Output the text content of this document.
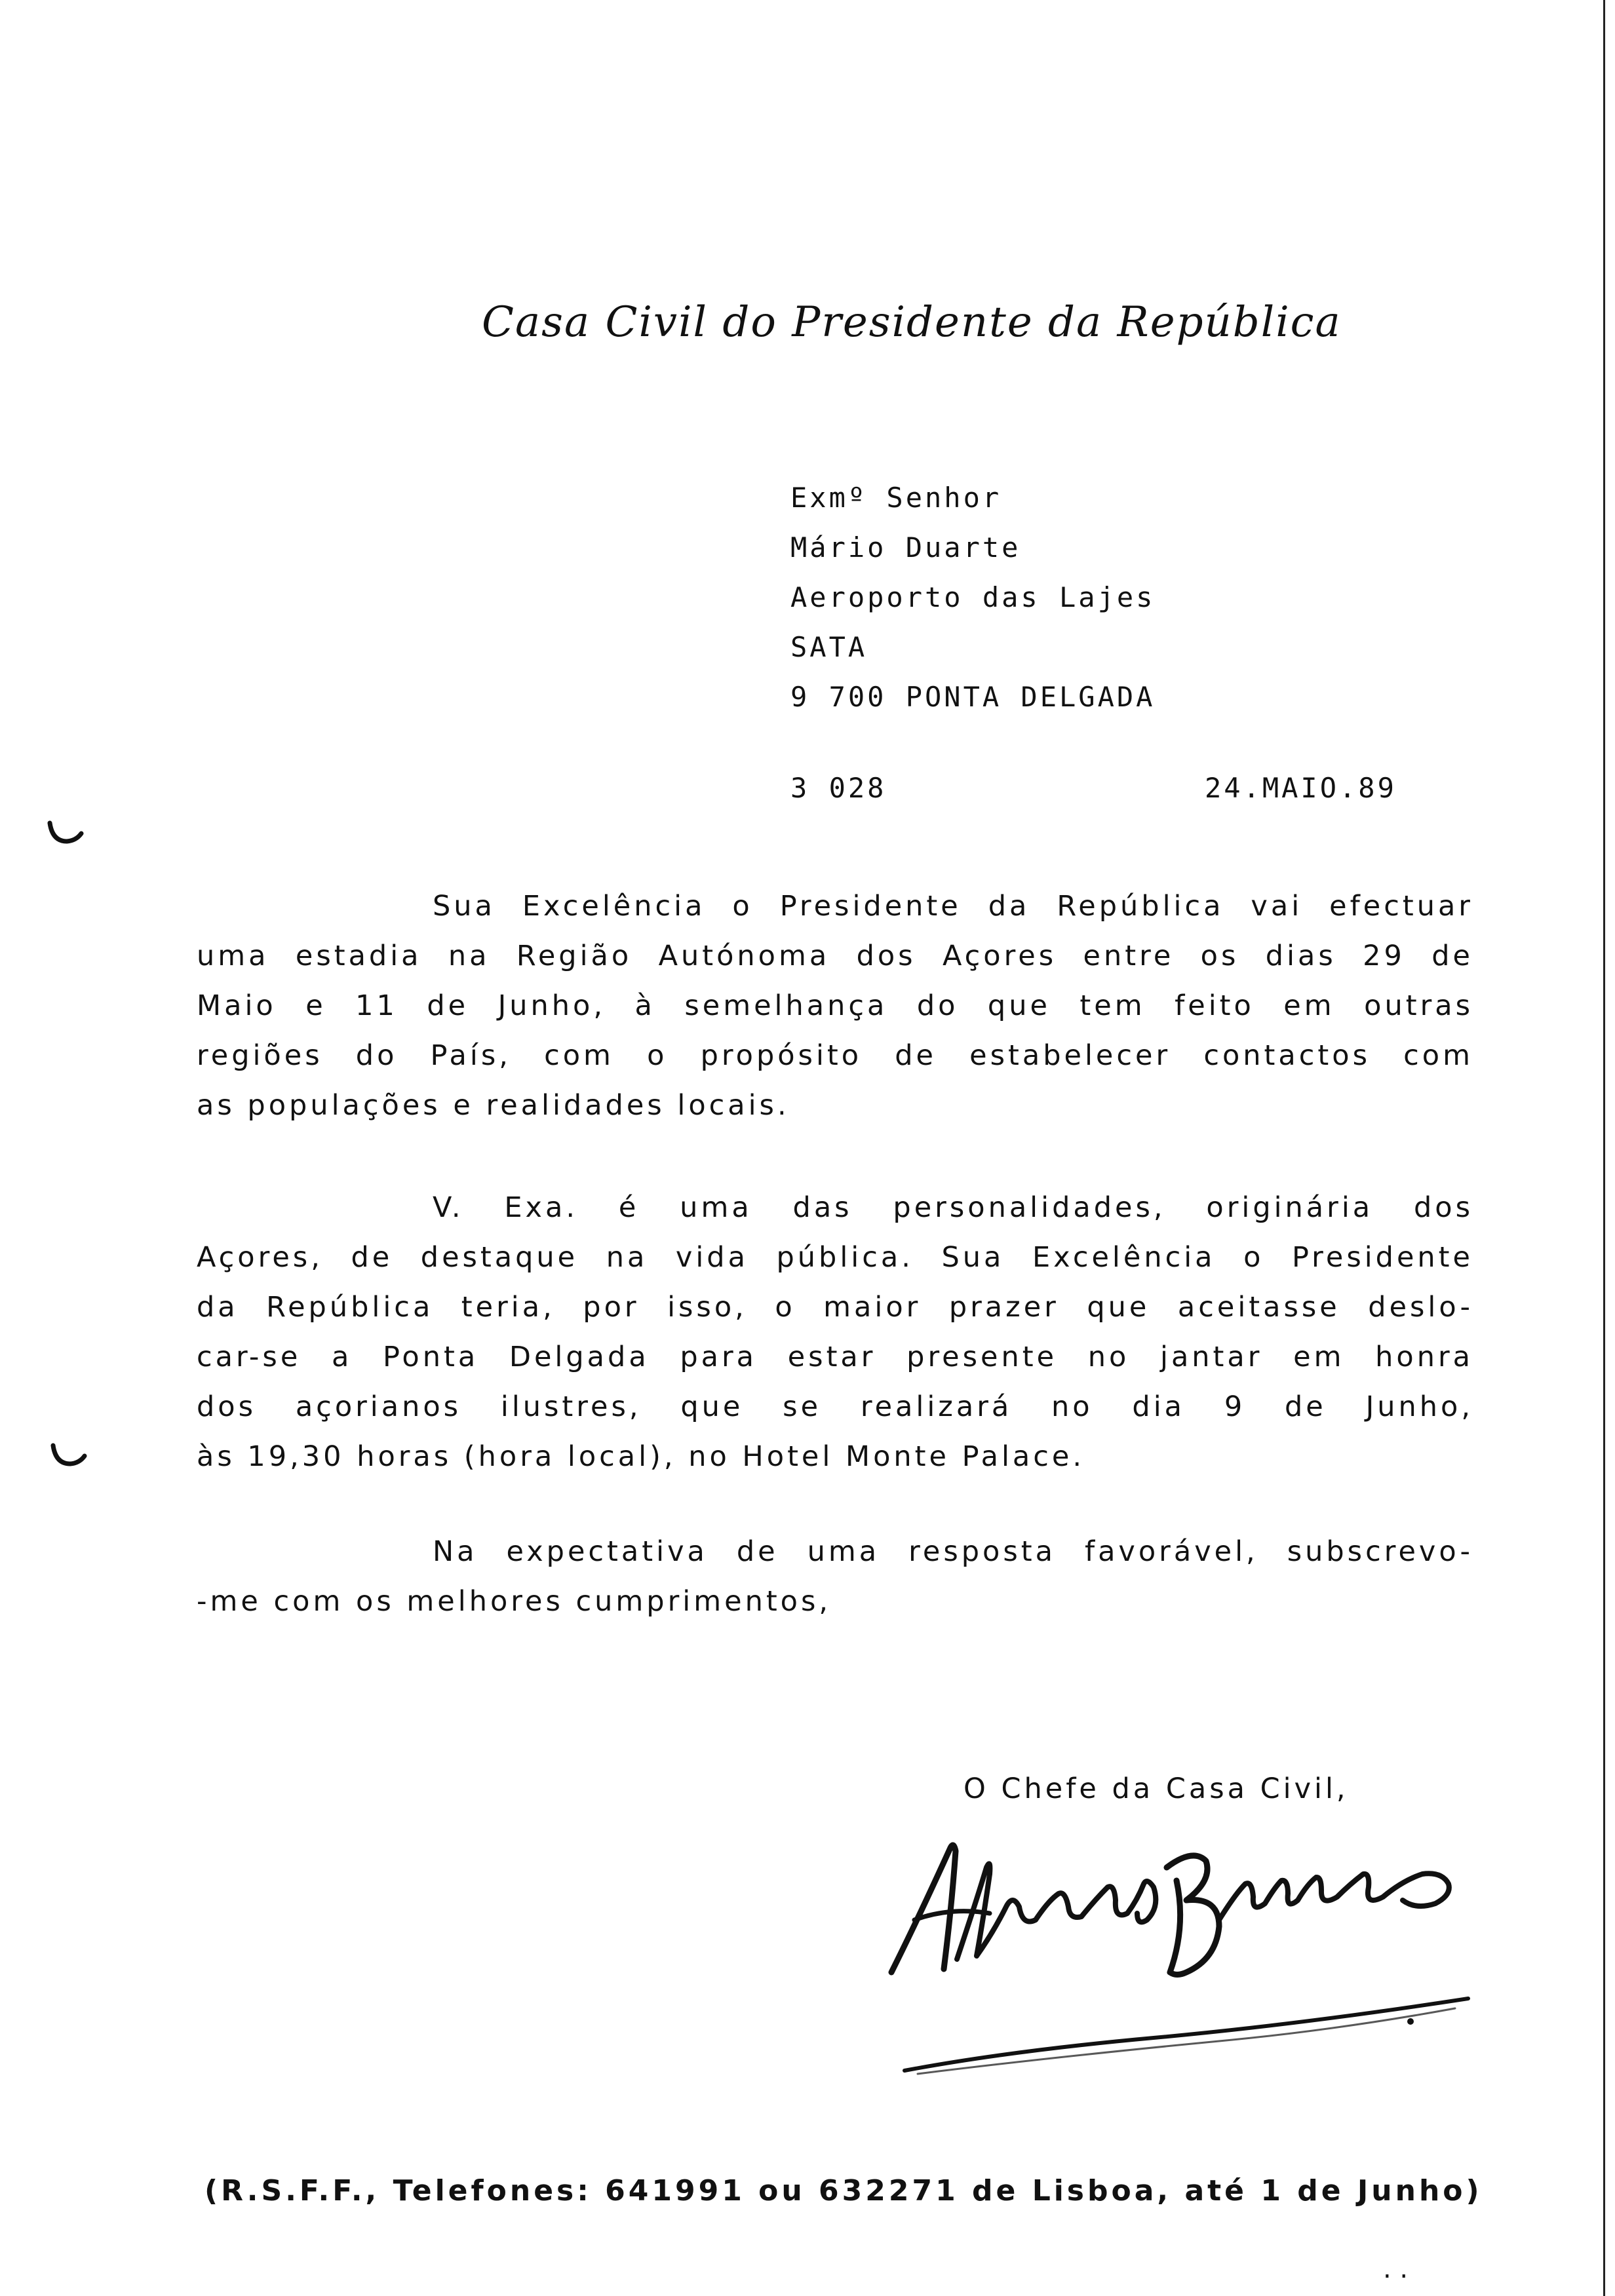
Casa Civil do Presidente da República
Exmº Senhor
Mário Duarte
Aeroporto das Lajes
SATA
9 700 PONTA DELGADA
3 028	24.MAIO.89
Sua Excelência o Presidente da República vai efectuar
uma estadia na Região Autónoma dos Açores entre os dias 29 de
Maio e 11 de Junho, à semelhança do que tem feito em outras
regiões do País, com o propósito de estabelecer contactos com
as populações e realidades locais.
V. Exa. é uma das personalidades, originária dos
Açores, de destaque na vida pública. Sua Excelência o Presidente
da República teria, por isso, o maior prazer que aceitasse deslo-
car-se a Ponta Delgada para estar presente no jantar em honra
dos açorianos ilustres, que se realizará no dia 9 de Junho,
às 19,30 horas (hora local), no Hotel Monte Palace.
Na expectativa de uma resposta favorável, subscrevo-
-me com os melhores cumprimentos,
O Chefe da Casa Civil,
(R.S.F.F., Telefones: 641991 ou 632271 de Lisboa, até 1 de Junho)
. .
